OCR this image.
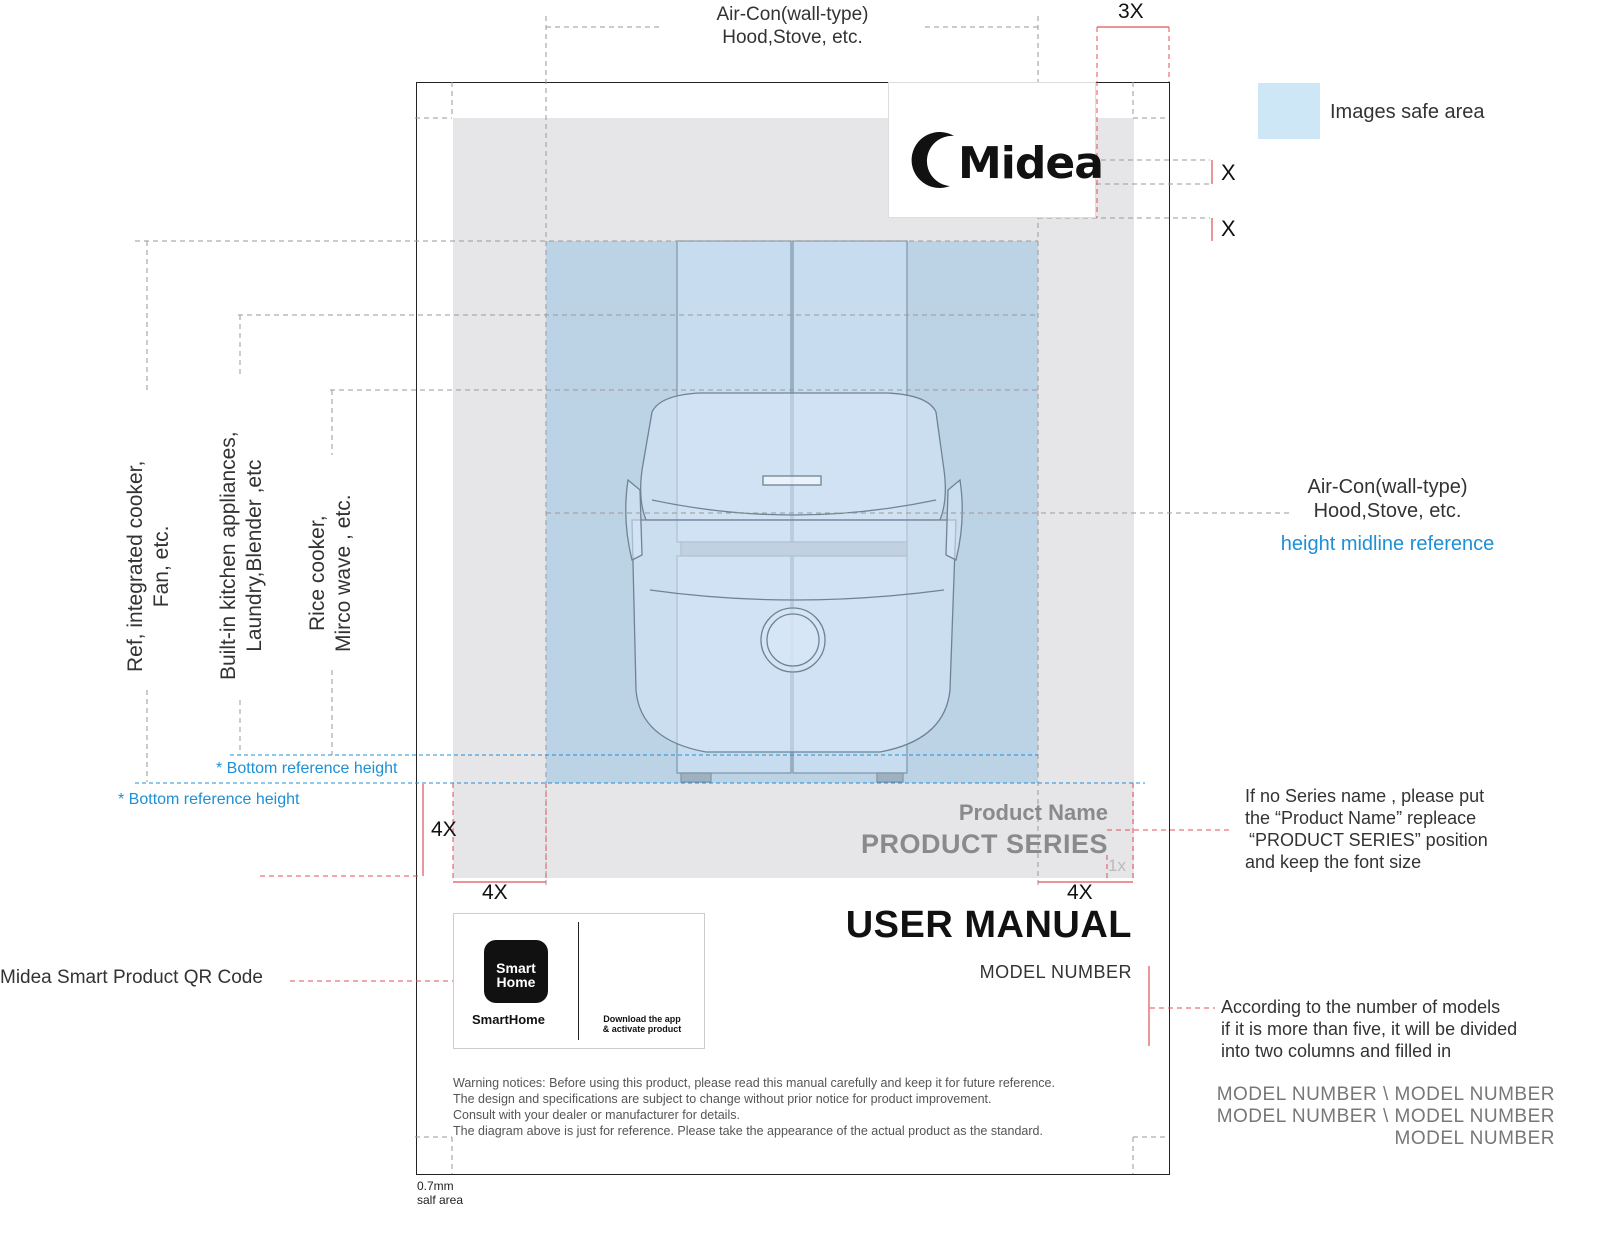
Midea
Air-Con(wall-type)
Hood,Stove, etc.
3X
X
X
Images safe area
Air-Con(wall-type)
Hood,Stove, etc.
height midline reference
Ref, integrated cooker, Fan, etc. Built-in kitchen appliances, Laundry,Blender ,etc Rice cooker, Mirco wave , etc.
* Bottom reference height
* Bottom reference height
4X
4X	4X
1x
Product Name
PRODUCT SERIES
USER MANUAL
MODEL NUMBER
Smart
Home
SmartHome	Download the app
& activate product
Warning notices: Before using this product, please read this manual carefully and keep it for future reference.
The design and specifications are subject to change without prior notice for product improvement.
Consult with your dealer or manufacturer for details.
The diagram above is just for reference. Please take the appearance of the actual product as the standard.
If no Series name , please put
the “Product Name” repleace
“PRODUCT SERIES” position
and keep the font size
Midea Smart Product QR Code
According to the number of models
if it is more than five, it will be divided
into two columns and filled in
MODEL NUMBER \ MODEL NUMBER
MODEL NUMBER \ MODEL NUMBER
MODEL NUMBER
0.7mm
salf area
